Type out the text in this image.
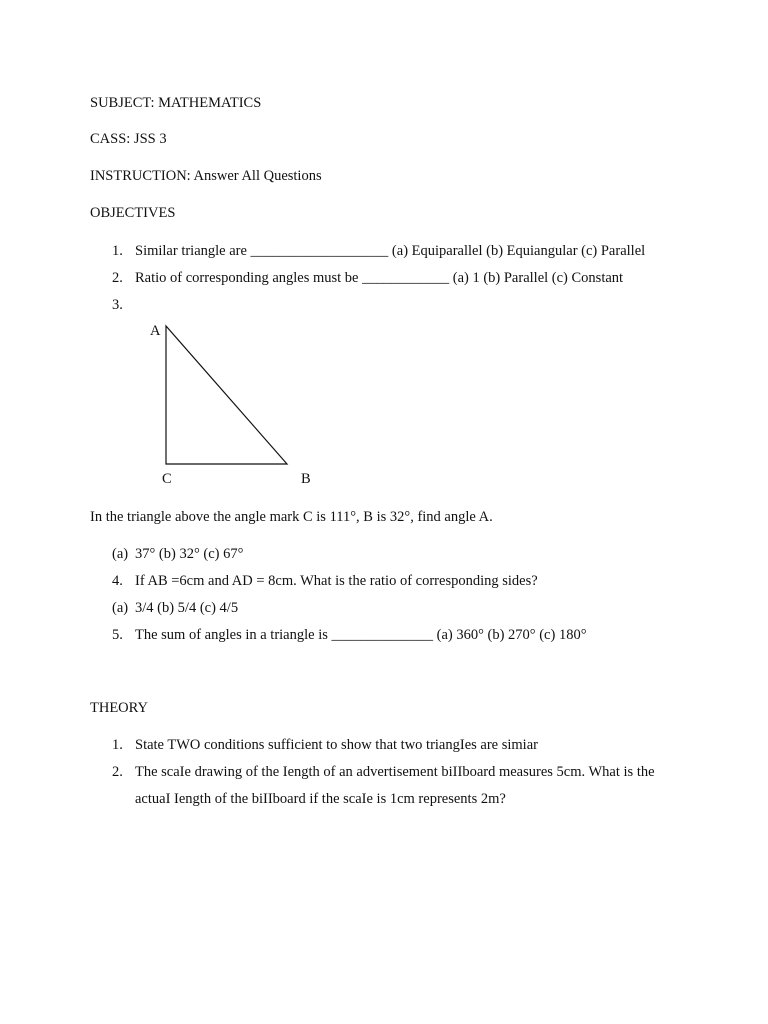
SUBJECT: MATHEMATICS
CASS: JSS 3
INSTRUCTION: Answer All Questions
OBJECTIVES
1. Similar triangle are ___________________ (a) Equiparallel (b) Equiangular (c) Parallel
2. Ratio of corresponding angles must be ____________ (a) 1 (b) Parallel (c) Constant
3.
A
C	B
In the triangle above the angle mark C is 111°, B is 32°, find angle A.
(a) 37° (b) 32° (c) 67°
4. If AB =6cm and AD = 8cm. What is the ratio of corresponding sides?
(a) 3/4 (b) 5/4 (c) 4/5
5. The sum of angles in a triangle is ______________ (a) 360° (b) 270° (c) 180°
THEORY
1. State TWO conditions sufficient to show that two triangIes are simiar
2. The scaIe drawing of the Iength of an advertisement biIIboard measures 5cm. What is the
actuaI Iength of the biIIboard if the scaIe is 1cm represents 2m?
